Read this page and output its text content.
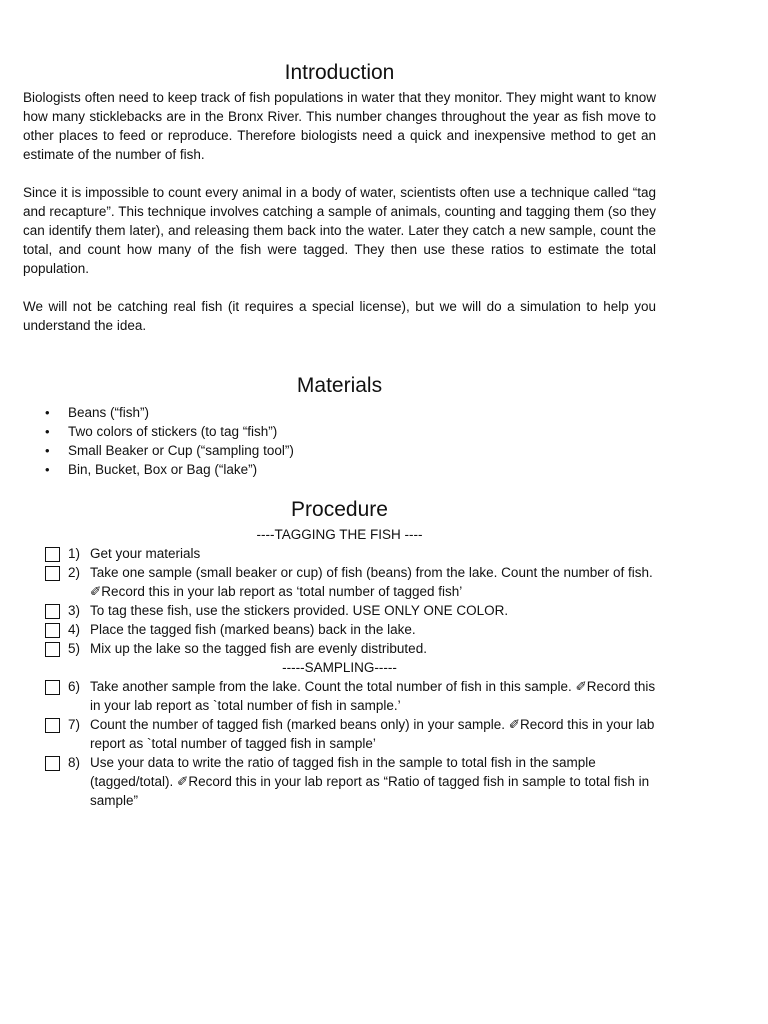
Introduction

Biologists often need to keep track of fish populations in water that they monitor. They might want to know how many sticklebacks are in the Bronx River. This number changes throughout the year as fish move to other places to feed or reproduce. Therefore biologists need a quick and inexpensive method to get an estimate of the number of fish.

Since it is impossible to count every animal in a body of water, scientists often use a technique called “tag and recapture”. This technique involves catching a sample of animals, counting and tagging them (so they can identify them later), and releasing them back into the water. Later they catch a new sample, count the total, and count how many of the fish were tagged. They then use these ratios to estimate the total population.

We will not be catching real fish (it requires a special license), but we will do a simulation to help you understand the idea.

Materials
• Beans (“fish”)
• Two colors of stickers (to tag “fish”)
• Small Beaker or Cup (“sampling tool”)
• Bin, Bucket, Box or Bag (“lake”)
Procedure
----TAGGING THE FISH ----
1) Get your materials
2) Take one sample (small beaker or cup) of fish (beans) from the lake. Count the number of fish. ✐Record this in your lab report as ‘total number of tagged fish’
3) To tag these fish, use the stickers provided. USE ONLY ONE COLOR.
4) Place the tagged fish (marked beans) back in the lake.
5) Mix up the lake so the tagged fish are evenly distributed.
-----SAMPLING-----
6) Take another sample from the lake. Count the total number of fish in this sample. ✐Record this in your lab report as `total number of fish in sample.’
7) Count the number of tagged fish (marked beans only) in your sample. ✐Record this in your lab report as `total number of tagged fish in sample’
8) Use your data to write the ratio of tagged fish in the sample to total fish in the sample (tagged/total). ✐Record this in your lab report as “Ratio of tagged fish in sample to total fish in sample”
